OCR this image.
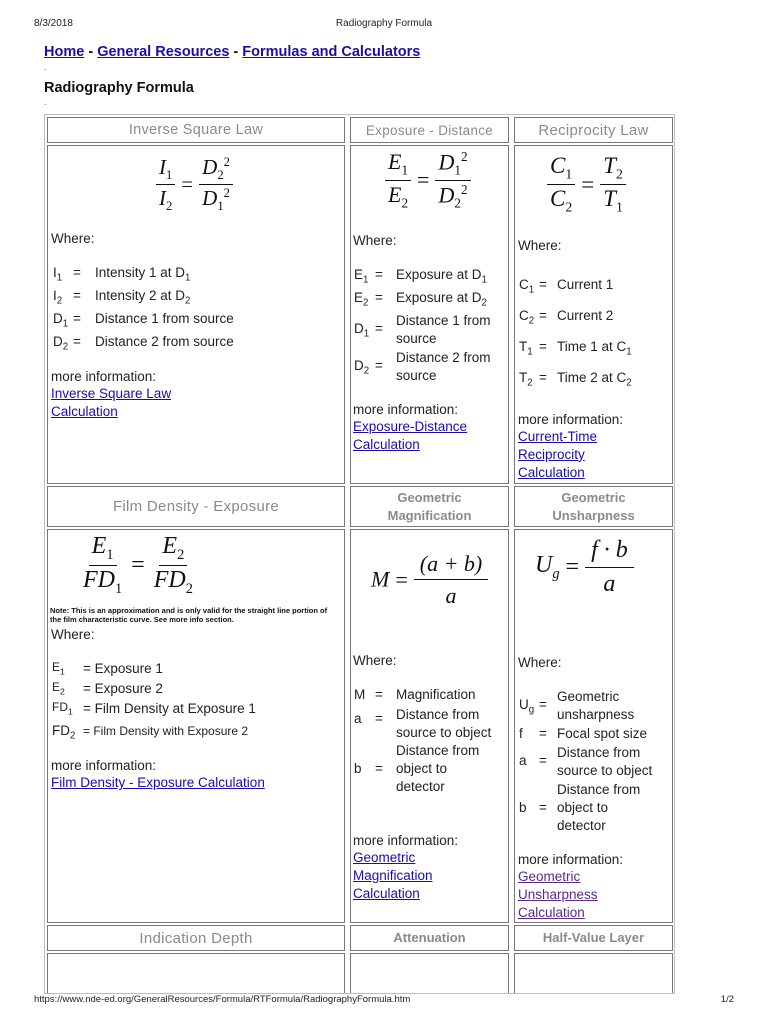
8/3/2018	Radiography Formula
Home - General Resources - Formulas and Calculators
-
Radiography Formula
-
Inverse Square Law	Exposure - Distance	Reciprocity Law
$\frac{I_1}{I_2} = \frac{D_2^2}{D_1^2}$
Where:
$I_1$ = Intensity 1 at $D_1$
$I_2$ = Intensity 2 at $D_2$
$D_1$ = Distance 1 from source
$D_2$ = Distance 2 from source
more information:
Inverse Square Law
Calculation
$\frac{E_1}{E_2} = \frac{D_1^2}{D_2^2}$
Where:
$E_1$ = Exposure at $D_1$
$E_2$ = Exposure at $D_2$
$D_1$ =
Distance 1 from
source
$D_2$ =
Distance 2 from
source
more information:
Exposure-Distance
Calculation
$\frac{C_1}{C_2} = \frac{T_2}{T_1}$
Where:
$C_1$ = Current 1
$C_2$ = Current 2
$T_1$ = Time 1 at $C_1$
$T_2$ = Time 2 at $C_2$
more information:
Current-Time
Reciprocity
Calculation
Film Density - Exposure
Geometric Magnification
Geometric Unsharpness
$\frac{E_1}{FD_1} = \frac{E_2}{FD_2}$
Note: This is an approximation and is only valid for the straight line portion of
the film characteristic curve. See more info section.
Where:
$E_1$ = Exposure 1
$E_2$ = Exposure 2
$FD_1$ = Film Density at Exposure 1
$FD_2$ = Film Density with Exposure 2
more information:
Film Density - Exposure Calculation
$M = \frac{(a + b)}{a}$
Where:
M = Magnification
a = Distance from
source to object
b =
Distance from
object to
detector
more information:
Geometric
Magnification
Calculation
$U_g = \frac{f \cdot b}{a}$
Where:
$U_g$ =
Geometric
unsharpness
f = Focal spot size
a =
Distance from
source to object
b =
Distance from
object to
detector
more information:
Geometric
Unsharpness
Calculation
Indication Depth	Attenuation	Half-Value Layer
https://www.nde-ed.org/GeneralResources/Formula/RTFormula/RadiographyFormula.htm	1/2
